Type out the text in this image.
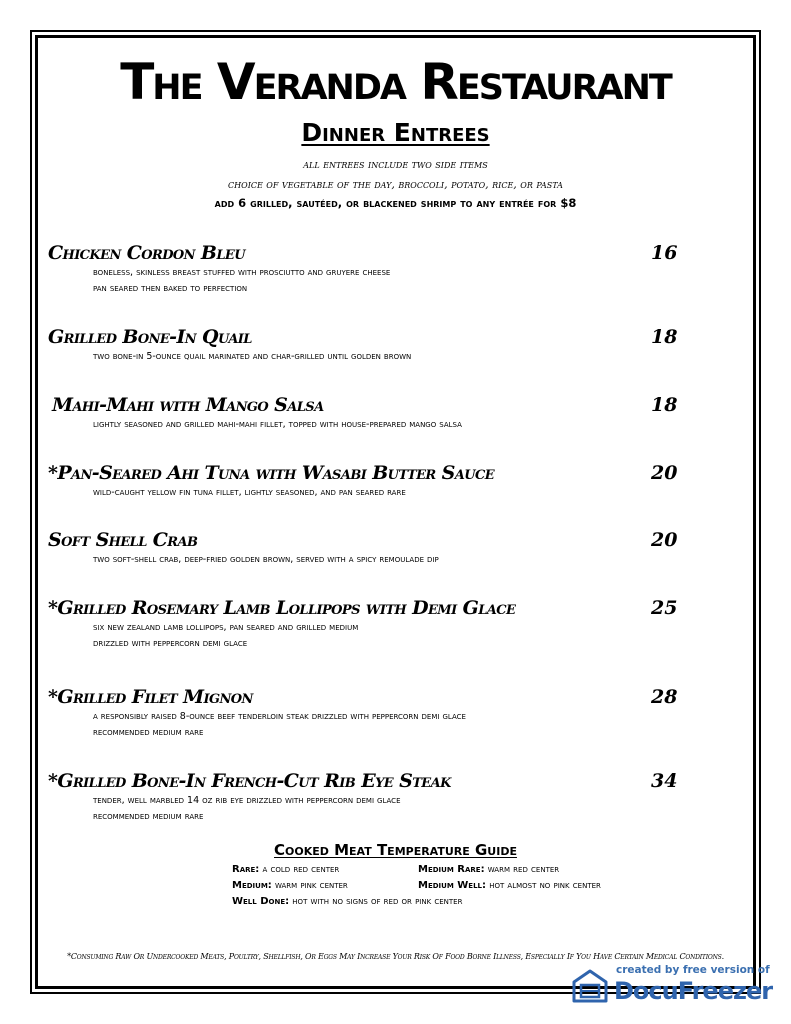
The Veranda Restaurant
Dinner Entrees
all entrees include two side items
choice of vegetable of the day, broccoli, potato, rice, or pasta
add 6 grilled, sautéed, or blackened shrimp to any entrée for $8
Chicken Cordon Bleu	16
boneless, skinless breast stuffed with prosciutto and gruyere cheese
pan seared then baked to perfection
Grilled Bone-In Quail	18
two bone-in 5-ounce quail marinated and char-grilled until golden brown
Mahi-Mahi with Mango Salsa	18
lightly seasoned and grilled mahi-mahi fillet, topped with house-prepared mango salsa
*Pan-Seared Ahi Tuna with Wasabi Butter Sauce	20
wild-caught yellow fin tuna fillet, lightly seasoned, and pan seared rare
Soft Shell Crab	20
two soft-shell crab, deep-fried golden brown, served with a spicy remoulade dip
*Grilled Rosemary Lamb Lollipops with Demi Glace	25
six new zealand lamb lollipops, pan seared and grilled medium
drizzled with peppercorn demi glace
*Grilled Filet Mignon	28
a responsibly raised 8-ounce beef tenderloin steak drizzled with peppercorn demi glace
recommended medium rare
*Grilled Bone-In French-Cut Rib Eye Steak	34
tender, well marbled 14 oz rib eye drizzled with peppercorn demi glace
recommended medium rare
Cooked Meat Temperature Guide
Rare: a cold red center	Medium Rare: warm red center
Medium: warm pink center	Medium Well: hot almost no pink center
Well Done: hot with no signs of red or pink center
*Consuming Raw Or Undercooked Meats, Poultry, Shellfish, Or Eggs May Increase Your Risk Of Food Borne Illness, Especially If You Have Certain Medical Conditions.
created by free version of
DocuFreezer
